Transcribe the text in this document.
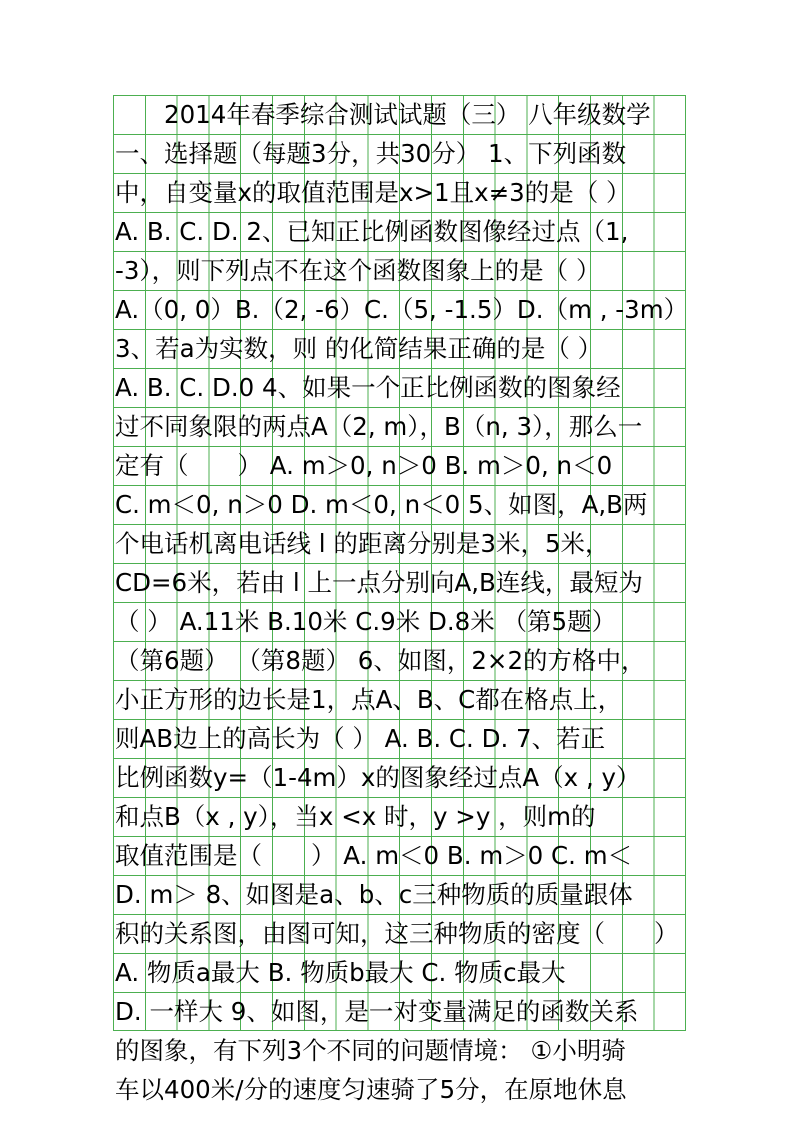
　　2014年春季综合测试试题（三） 八年级数学
一、选择题（每题3分，共30分） 1、下列函数
中，自变量x的取值范围是x>1且x≠3的是（ ）
A. B. C. D. 2、已知正比例函数图像经过点（1,
-3），则下列点不在这个函数图象上的是（ ）
A.（0, 0）B.（2, -6）C.（5, -1.5）D.（m , -3m）
3、若a为实数，则 的化简结果正确的是（ ）
A. B. C. D.0 4、如果一个正比例函数的图象经
过不同象限的两点A（2, m），B（n, 3），那么一
定有（　　） A. m＞0, n＞0 B. m＞0, n＜0
C. m＜0, n＞0 D. m＜0, n＜0 5、如图，A,B两
个电话机离电话线 l 的距离分别是3米，5米，
CD=6米，若由 l 上一点分别向A,B连线，最短为
（ ） A.11米 B.10米 C.9米 D.8米 （第5题）
（第6题） （第8题） 6、如图，2×2的方格中，
小正方形的边长是1，点A、B、C都在格点上，
则AB边上的高长为（ ） A. B. C. D. 7、若正
比例函数y=（1-4m）x的图象经过点A（x , y）
和点B（x , y），当x <x 时，y >y ，则m的
取值范围是（　　） A. m＜0 B. m＞0 C. m＜
D. m＞ 8、如图是a、b、c三种物质的质量跟体
积的关系图，由图可知，这三种物质的密度（　　）
A. 物质a最大 B. 物质b最大 C. 物质c最大
D. 一样大 9、如图，是一对变量满足的函数关系
的图象，有下列3个不同的问题情境： ①小明骑
车以400米/分的速度匀速骑了5分，在原地休息
